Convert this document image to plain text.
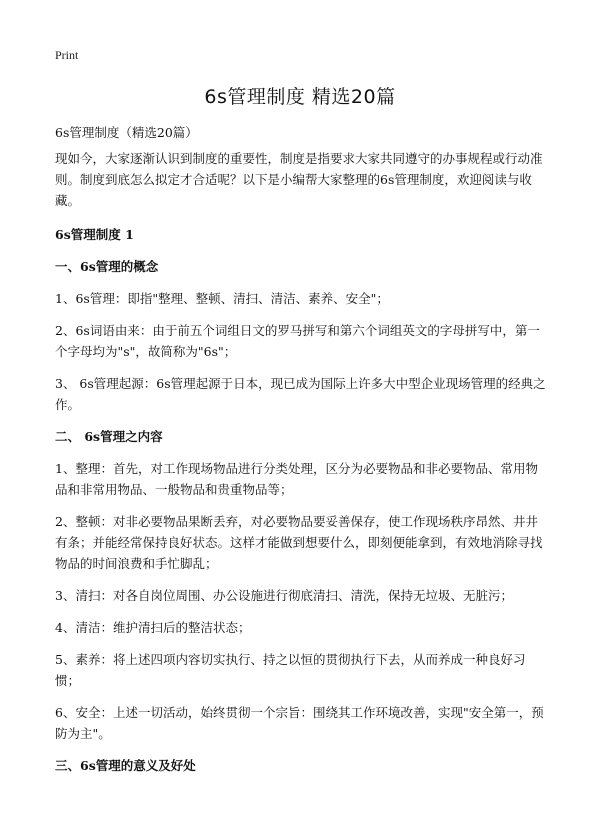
Print
6s管理制度 精选20篇
6s管理制度（精选20篇）

现如今，大家逐渐认识到制度的重要性，制度是指要求大家共同遵守的办事规程或行动准则。制度到底怎么拟定才合适呢？以下是小编帮大家整理的6s管理制度，欢迎阅读与收藏。

6s管理制度 1
一、6s管理的概念

1、6s管理：即指"整理、整顿、清扫、清洁、素养、安全"；

2、6s词语由来：由于前五个词组日文的罗马拼写和第六个词组英文的字母拼写中，第一个字母均为"s"，故简称为"6s"；

3、 6s管理起源：6s管理起源于日本，现已成为国际上许多大中型企业现场管理的经典之作。

二、 6s管理之内容

1、整理：首先，对工作现场物品进行分类处理，区分为必要物品和非必要物品、常用物品和非常用物品、一般物品和贵重物品等；

2、整顿：对非必要物品果断丢弃，对必要物品要妥善保存，使工作现场秩序昂然、井井有条；并能经常保持良好状态。这样才能做到想要什么，即刻便能拿到，有效地消除寻找物品的时间浪费和手忙脚乱；

3、清扫：对各自岗位周围、办公设施进行彻底清扫、清洗，保持无垃圾、无脏污；

4、清洁：维护清扫后的整洁状态；

5、素养：将上述四项内容切实执行、持之以恒的贯彻执行下去，从而养成一种良好习惯；

6、安全：上述一切活动，始终贯彻一个宗旨：围绕其工作环境改善，实现"安全第一，预防为主"。

三、6s管理的意义及好处
